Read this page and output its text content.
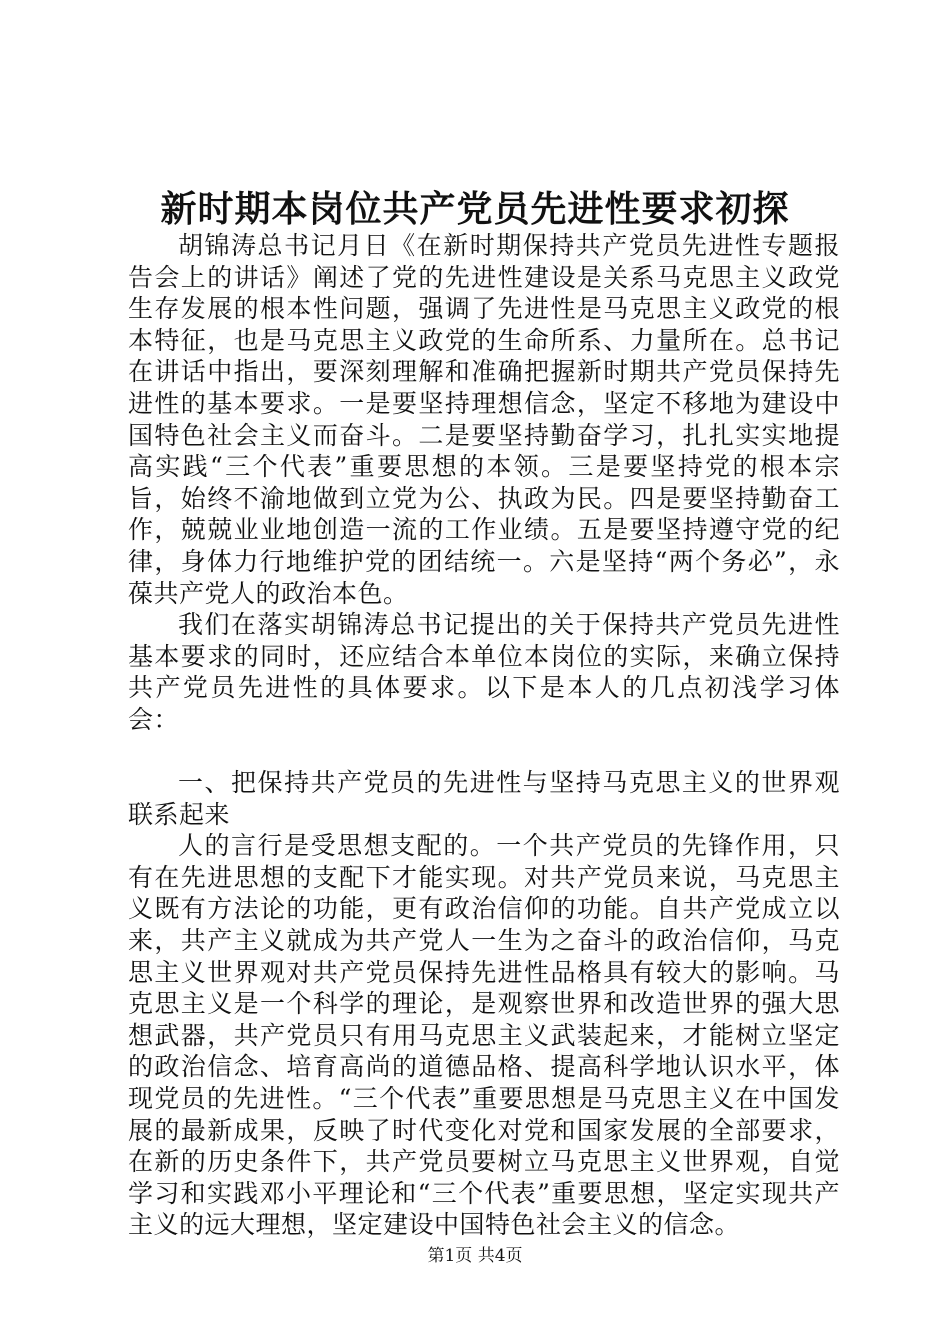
新时期本岗位共产党员先进性要求初探

胡锦涛总书记月日《在新时期保持共产党员先进性专题报告会上的讲话》阐述了党的先进性建设是关系马克思主义政党生存发展的根本性问题，强调了先进性是马克思主义政党的根本特征，也是马克思主义政党的生命所系、力量所在。总书记在讲话中指出，要深刻理解和准确把握新时期共产党员保持先进性的基本要求。一是要坚持理想信念，坚定不移地为建设中国特色社会主义而奋斗。二是要坚持勤奋学习，扎扎实实地提高实践“三个代表”重要思想的本领。三是要坚持党的根本宗旨，始终不渝地做到立党为公、执政为民。四是要坚持勤奋工作，兢兢业业地创造一流的工作业绩。五是要坚持遵守党的纪律，身体力行地维护党的团结统一。六是坚持“两个务必”，永葆共产党人的政治本色。

我们在落实胡锦涛总书记提出的关于保持共产党员先进性基本要求的同时，还应结合本单位本岗位的实际，来确立保持共产党员先进性的具体要求。以下是本人的几点初浅学习体会：

一、把保持共产党员的先进性与坚持马克思主义的世界观联系起来

人的言行是受思想支配的。一个共产党员的先锋作用，只有在先进思想的支配下才能实现。对共产党员来说，马克思主义既有方法论的功能，更有政治信仰的功能。自共产党成立以来，共产主义就成为共产党人一生为之奋斗的政治信仰，马克思主义世界观对共产党员保持先进性品格具有较大的影响。马克思主义是一个科学的理论，是观察世界和改造世界的强大思想武器，共产党员只有用马克思主义武装起来，才能树立坚定的政治信念、培育高尚的道德品格、提高科学地认识水平，体现党员的先进性。“三个代表”重要思想是马克思主义在中国发展的最新成果，反映了时代变化对党和国家发展的全部要求，在新的历史条件下，共产党员要树立马克思主义世界观，自觉学习和实践邓小平理论和“三个代表”重要思想，坚定实现共产主义的远大理想，坚定建设中国特色社会主义的信念。

第1页 共4页
